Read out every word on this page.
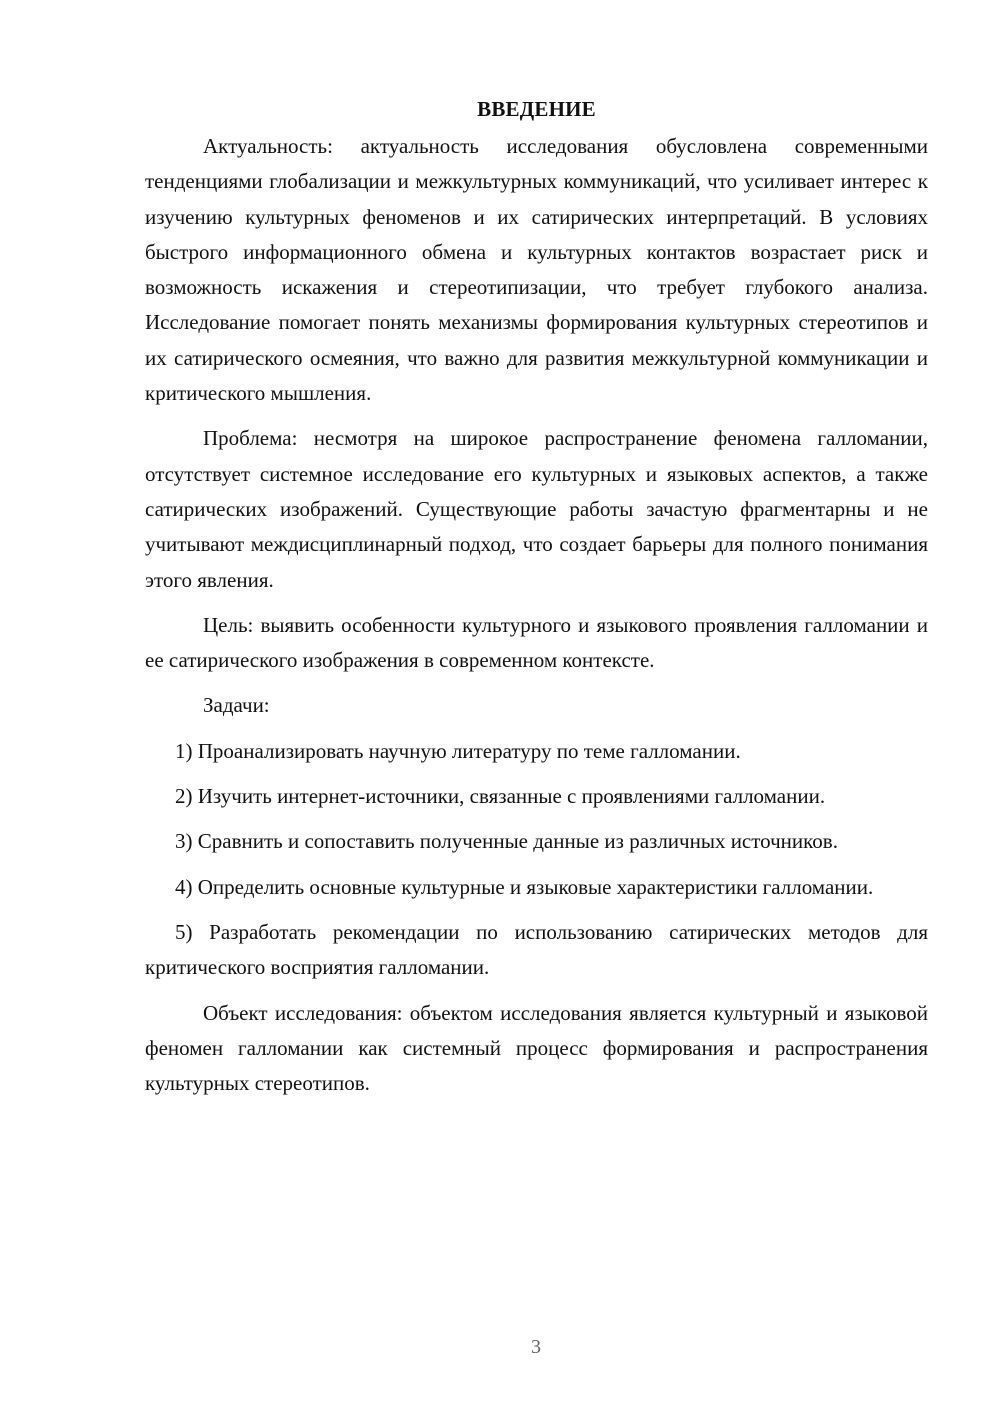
ВВЕДЕНИЕ

Актуальность: актуальность исследования обусловлена современными тенденциями глобализации и межкультурных коммуникаций, что усиливает интерес к изучению культурных феноменов и их сатирических интерпретаций. В условиях быстрого информационного обмена и культурных контактов возрастает риск и возможность искажения и стереотипизации, что требует глубокого анализа. Исследование помогает понять механизмы формирования культурных стереотипов и их сатирического осмеяния, что важно для развития межкультурной коммуникации и критического мышления.

Проблема: несмотря на широкое распространение феномена галломании, отсутствует системное исследование его культурных и языковых аспектов, а также сатирических изображений. Существующие работы зачастую фрагментарны и не учитывают междисциплинарный подход, что создает барьеры для полного понимания этого явления.

Цель: выявить особенности культурного и языкового проявления галломании и ее сатирического изображения в современном контексте.

Задачи:

1) Проанализировать научную литературу по теме галломании.

2) Изучить интернет-источники, связанные с проявлениями галломании.

3) Сравнить и сопоставить полученные данные из различных источников.

4) Определить основные культурные и языковые характеристики галломании.

5) Разработать рекомендации по использованию сатирических методов для критического восприятия галломании.

Объект исследования: объектом исследования является культурный и языковой феномен галломании как системный процесс формирования и распространения культурных стереотипов.

3
